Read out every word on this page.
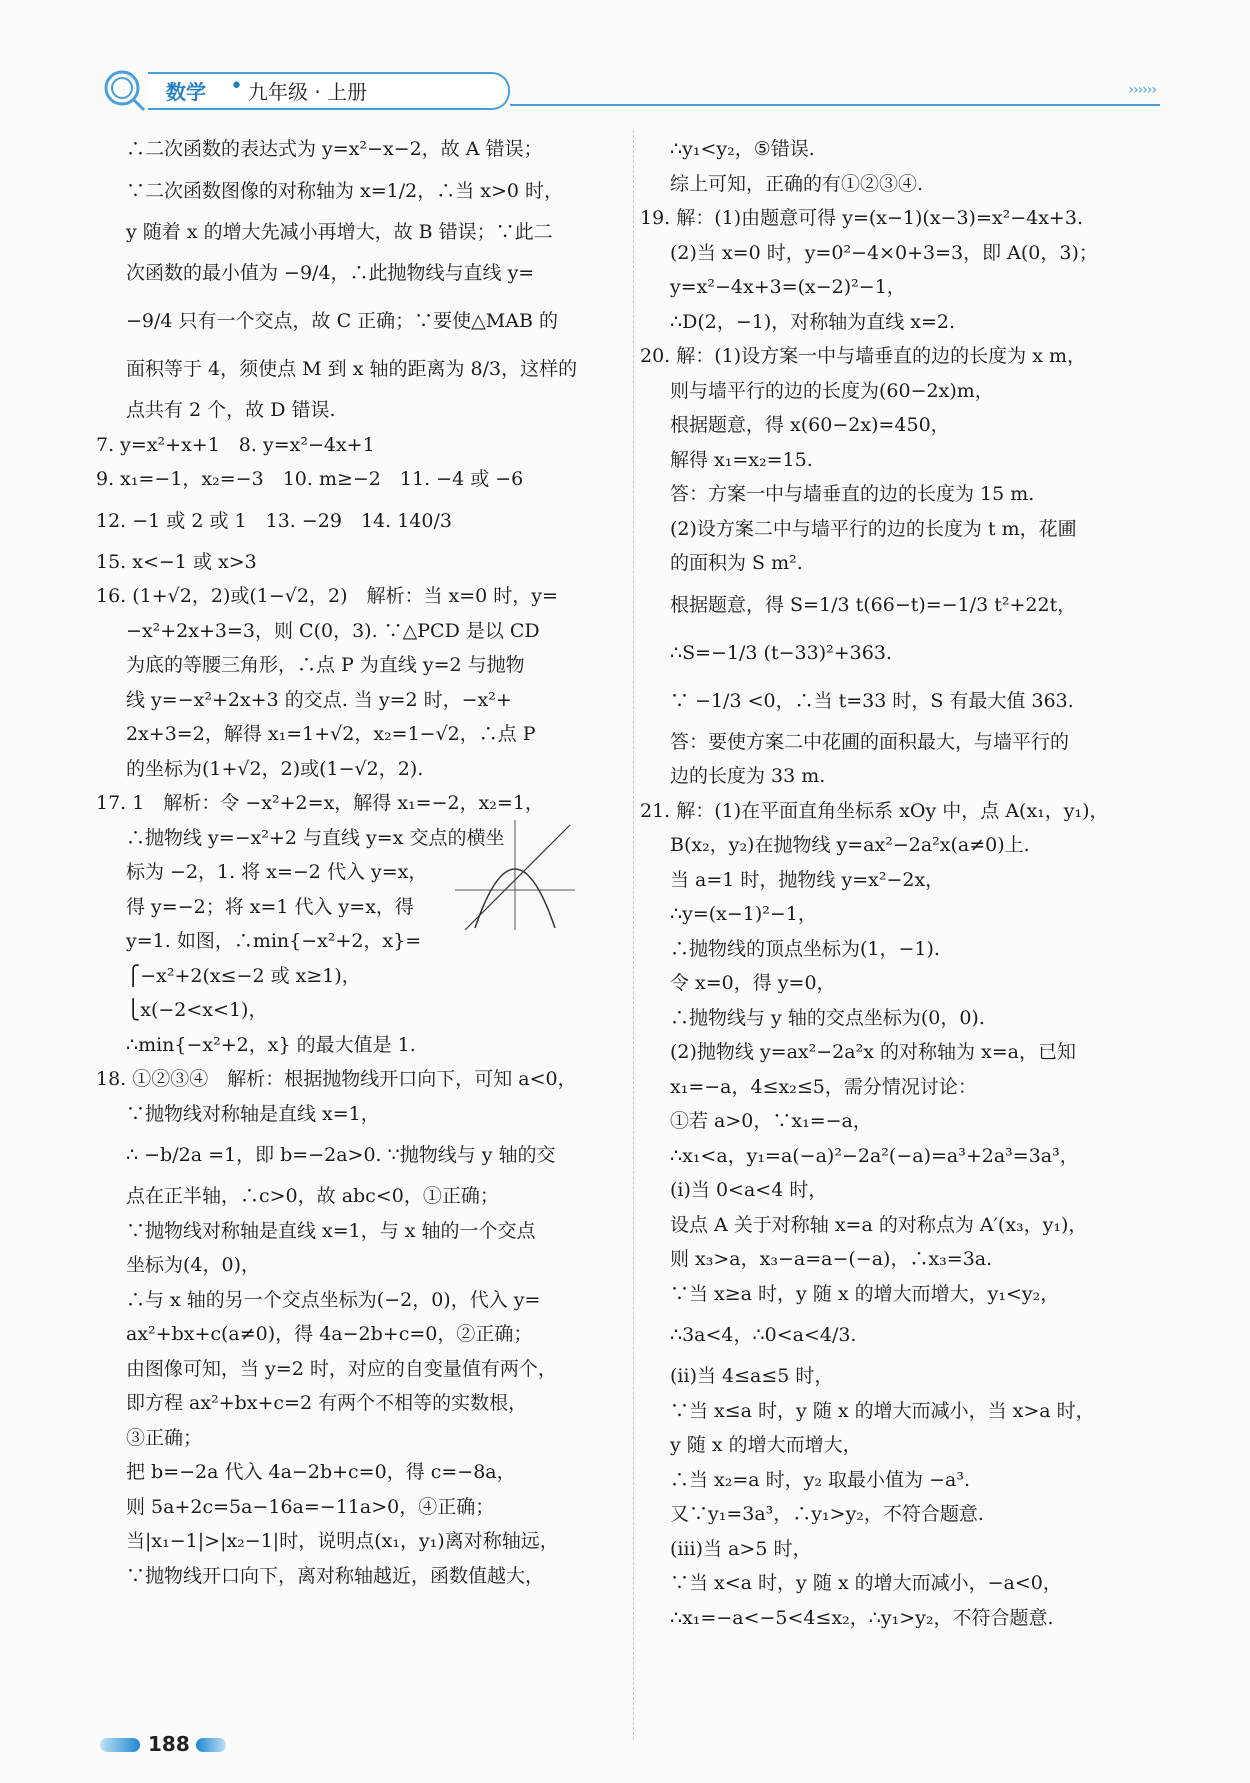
数学 • 九年级 · 上册	››››››
∴二次函数的表达式为 y=x²−x−2，故 A 错误；
∵二次函数图像的对称轴为 x=1/2，∴当 x>0 时，
y 随着 x 的增大先减小再增大，故 B 错误；∵此二
次函数的最小值为 −9/4，∴此抛物线与直线 y=
−9/4 只有一个交点，故 C 正确；∵要使△MAB 的
面积等于 4，须使点 M 到 x 轴的距离为 8/3，这样的
点共有 2 个，故 D 错误.
7. y=x²+x+1　8. y=x²−4x+1
9. x₁=−1，x₂=−3　10. m≥−2　11. −4 或 −6
12. −1 或 2 或 1　13. −29　14. 140/3
15. x<−1 或 x>3
16. (1+√2，2)或(1−√2，2)　解析：当 x=0 时，y=
−x²+2x+3=3，则 C(0，3). ∵△PCD 是以 CD
为底的等腰三角形，∴点 P 为直线 y=2 与抛物
线 y=−x²+2x+3 的交点. 当 y=2 时，−x²+
2x+3=2，解得 x₁=1+√2，x₂=1−√2，∴点 P
的坐标为(1+√2，2)或(1−√2，2).
17. 1　解析：令 −x²+2=x，解得 x₁=−2，x₂=1，
∴抛物线 y=−x²+2 与直线 y=x 交点的横坐
标为 −2，1. 将 x=−2 代入 y=x，
得 y=−2；将 x=1 代入 y=x，得
y=1. 如图，∴min{−x²+2，x}=
⎧−x²+2(x≤−2 或 x≥1)，
⎩x(−2<x<1)，
∴min{−x²+2，x} 的最大值是 1.
18. ①②③④　解析：根据抛物线开口向下，可知 a<0，
∵抛物线对称轴是直线 x=1，
∴ −b/2a =1，即 b=−2a>0. ∵抛物线与 y 轴的交
点在正半轴，∴c>0，故 abc<0，①正确；
∵抛物线对称轴是直线 x=1，与 x 轴的一个交点
坐标为(4，0)，
∴与 x 轴的另一个交点坐标为(−2，0)，代入 y=
ax²+bx+c(a≠0)，得 4a−2b+c=0，②正确；
由图像可知，当 y=2 时，对应的自变量值有两个，
即方程 ax²+bx+c=2 有两个不相等的实数根，
③正确；
把 b=−2a 代入 4a−2b+c=0，得 c=−8a，
则 5a+2c=5a−16a=−11a>0，④正确；
当|x₁−1|>|x₂−1|时，说明点(x₁，y₁)离对称轴远，
∵抛物线开口向下，离对称轴越近，函数值越大，
∴y₁<y₂，⑤错误.
综上可知，正确的有①②③④.
19. 解：(1)由题意可得 y=(x−1)(x−3)=x²−4x+3.
(2)当 x=0 时，y=0²−4×0+3=3，即 A(0，3)；
y=x²−4x+3=(x−2)²−1，
∴D(2，−1)，对称轴为直线 x=2.
20. 解：(1)设方案一中与墙垂直的边的长度为 x m，
则与墙平行的边的长度为(60−2x)m，
根据题意，得 x(60−2x)=450，
解得 x₁=x₂=15.
答：方案一中与墙垂直的边的长度为 15 m.
(2)设方案二中与墙平行的边的长度为 t m，花圃
的面积为 S m².
根据题意，得 S=1/3 t(66−t)=−1/3 t²+22t，
∴S=−1/3 (t−33)²+363.
∵ −1/3 <0，∴当 t=33 时，S 有最大值 363.
答：要使方案二中花圃的面积最大，与墙平行的
边的长度为 33 m.
21. 解：(1)在平面直角坐标系 xOy 中，点 A(x₁，y₁)，
B(x₂，y₂)在抛物线 y=ax²−2a²x(a≠0)上.
当 a=1 时，抛物线 y=x²−2x，
∴y=(x−1)²−1，
∴抛物线的顶点坐标为(1，−1).
令 x=0，得 y=0，
∴抛物线与 y 轴的交点坐标为(0，0).
(2)抛物线 y=ax²−2a²x 的对称轴为 x=a，已知
x₁=−a，4≤x₂≤5，需分情况讨论：
①若 a>0，∵x₁=−a，
∴x₁<a，y₁=a(−a)²−2a²(−a)=a³+2a³=3a³，
(ⅰ)当 0<a<4 时，
设点 A 关于对称轴 x=a 的对称点为 A′(x₃，y₁)，
则 x₃>a，x₃−a=a−(−a)，∴x₃=3a.
∵当 x≥a 时，y 随 x 的增大而增大，y₁<y₂，
∴3a<4，∴0<a<4/3.
(ⅱ)当 4≤a≤5 时，
∵当 x≤a 时，y 随 x 的增大而减小，当 x>a 时，
y 随 x 的增大而增大，
∴当 x₂=a 时，y₂ 取最小值为 −a³.
又∵y₁=3a³，∴y₁>y₂，不符合题意.
(ⅲ)当 a>5 时，
∵当 x<a 时，y 随 x 的增大而减小，−a<0，
∴x₁=−a<−5<4≤x₂，∴y₁>y₂，不符合题意.
188
